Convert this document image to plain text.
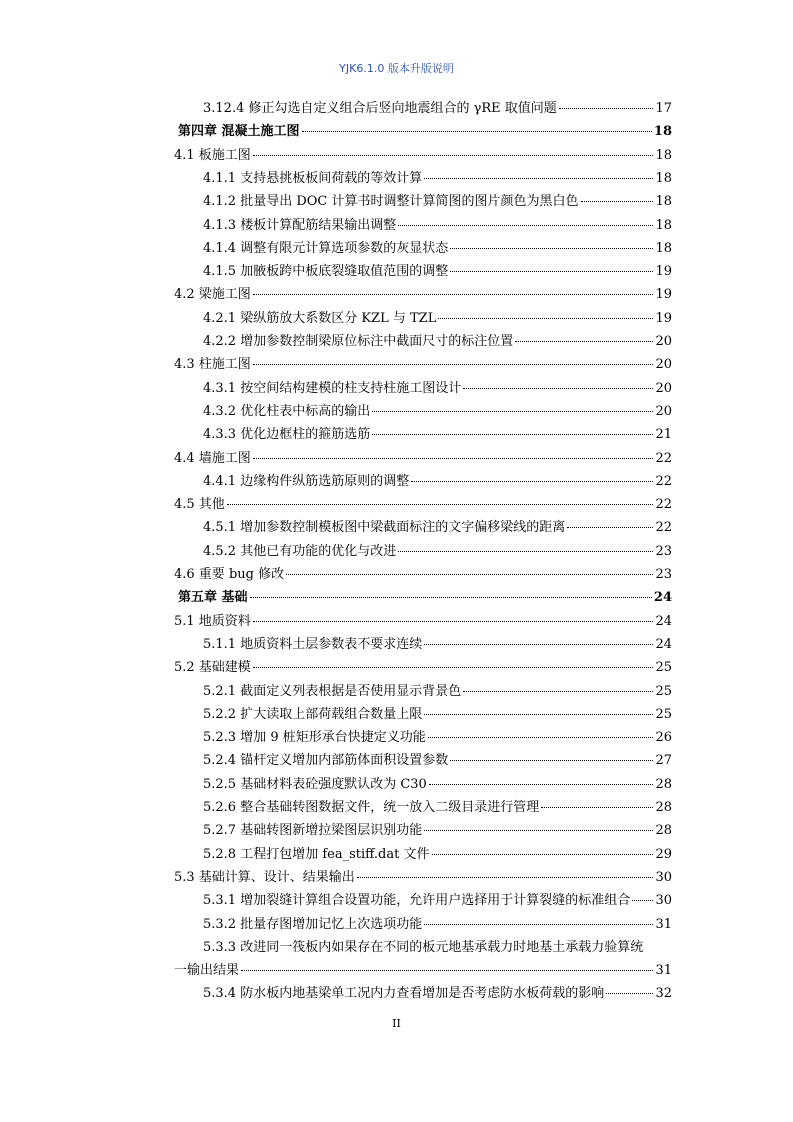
YJK6.1.0 版本升版说明
3.12.4 修正勾选自定义组合后竖向地震组合的 γRE 取值问题	17
第四章 混凝土施工图	18
4.1 板施工图	18
4.1.1 支持悬挑板板间荷载的等效计算	18
4.1.2 批量导出 DOC 计算书时调整计算简图的图片颜色为黑白色	18
4.1.3 楼板计算配筋结果输出调整	18
4.1.4 调整有限元计算选项参数的灰显状态	18
4.1.5 加腋板跨中板底裂缝取值范围的调整	19
4.2 梁施工图	19
4.2.1 梁纵筋放大系数区分 KZL 与 TZL	19
4.2.2 增加参数控制梁原位标注中截面尺寸的标注位置	20
4.3 柱施工图	20
4.3.1 按空间结构建模的柱支持柱施工图设计	20
4.3.2 优化柱表中标高的输出	20
4.3.3 优化边框柱的箍筋选筋	21
4.4 墙施工图	22
4.4.1 边缘构件纵筋选筋原则的调整	22
4.5 其他	22
4.5.1 增加参数控制模板图中梁截面标注的文字偏移梁线的距离	22
4.5.2 其他已有功能的优化与改进	23
4.6 重要 bug 修改	23
第五章 基础	24
5.1 地质资料	24
5.1.1 地质资料土层参数表不要求连续	24
5.2 基础建模	25
5.2.1 截面定义列表根据是否使用显示背景色	25
5.2.2 扩大读取上部荷载组合数量上限	25
5.2.3 增加 9 桩矩形承台快捷定义功能	26
5.2.4 锚杆定义增加内部筋体面积设置参数	27
5.2.5 基础材料表砼强度默认改为 C30	28
5.2.6 整合基础转图数据文件，统一放入二级目录进行管理	28
5.2.7 基础转图新增拉梁图层识别功能	28
5.2.8 工程打包增加 fea_stiff.dat 文件	29
5.3 基础计算、设计、结果输出	30
5.3.1 增加裂缝计算组合设置功能，允许用户选择用于计算裂缝的标准组合 30
5.3.2 批量存图增加记忆上次选项功能	31
5.3.3 改进同一筏板内如果存在不同的板元地基承载力时地基土承载力验算统
一输出结果	31
5.3.4 防水板内地基梁单工况内力查看增加是否考虑防水板荷载的影响	32
II
